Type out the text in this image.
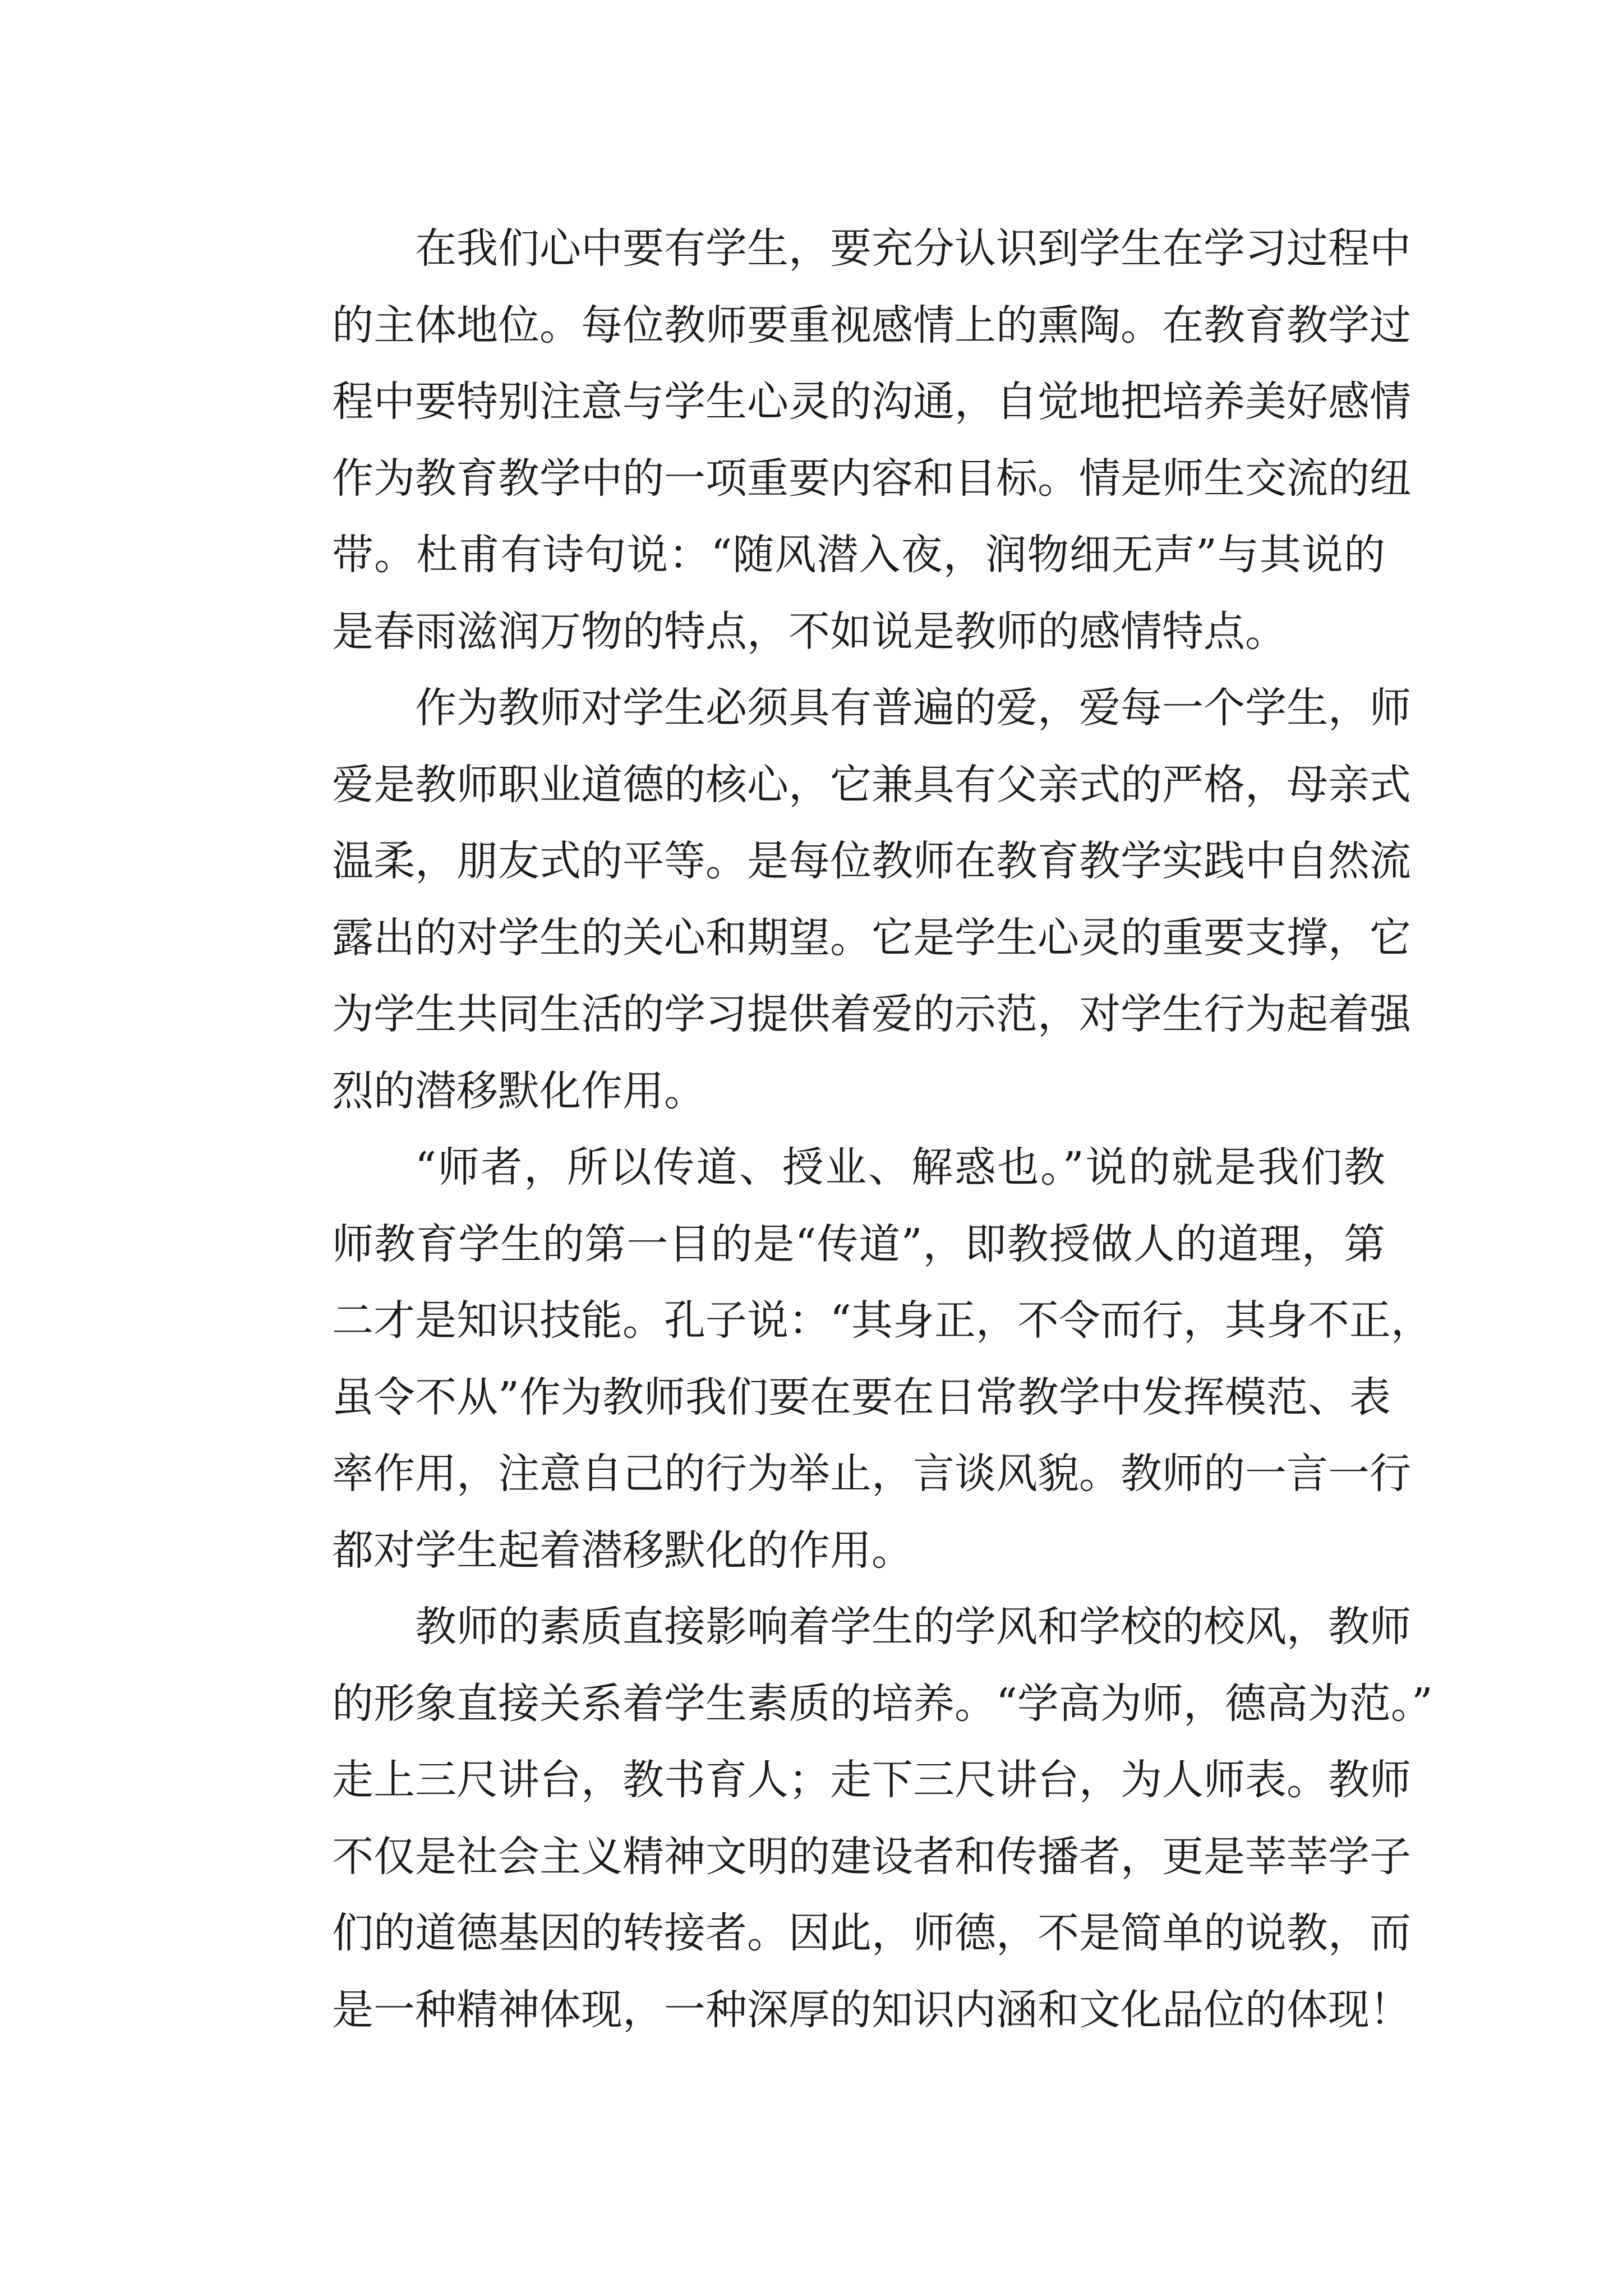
在我们心中要有学生，要充分认识到学生在学习过程中
的主体地位。每位教师要重视感情上的熏陶。在教育教学过
程中要特别注意与学生心灵的沟通，自觉地把培养美好感情
作为教育教学中的一项重要内容和目标。情是师生交流的纽
带。杜甫有诗句说：“随风潜入夜，润物细无声”与其说的
是春雨滋润万物的特点，不如说是教师的感情特点。
作为教师对学生必须具有普遍的爱，爱每一个学生，师
爱是教师职业道德的核心，它兼具有父亲式的严格，母亲式
温柔，朋友式的平等。是每位教师在教育教学实践中自然流
露出的对学生的关心和期望。它是学生心灵的重要支撑，它
为学生共同生活的学习提供着爱的示范，对学生行为起着强
烈的潜移默化作用。
“师者，所以传道、授业、解惑也。”说的就是我们教
师教育学生的第一目的是“传道”，即教授做人的道理，第
二才是知识技能。孔子说：“其身正，不令而行，其身不正，
虽令不从”作为教师我们要在要在日常教学中发挥模范、表
率作用，注意自己的行为举止，言谈风貌。教师的一言一行
都对学生起着潜移默化的作用。
教师的素质直接影响着学生的学风和学校的校风，教师
的形象直接关系着学生素质的培养。“学高为师，德高为范。”
走上三尺讲台，教书育人；走下三尺讲台，为人师表。教师
不仅是社会主义精神文明的建设者和传播者，更是莘莘学子
们的道德基因的转接者。因此，师德，不是简单的说教，而
是一种精神体现，一种深厚的知识内涵和文化品位的体现！
